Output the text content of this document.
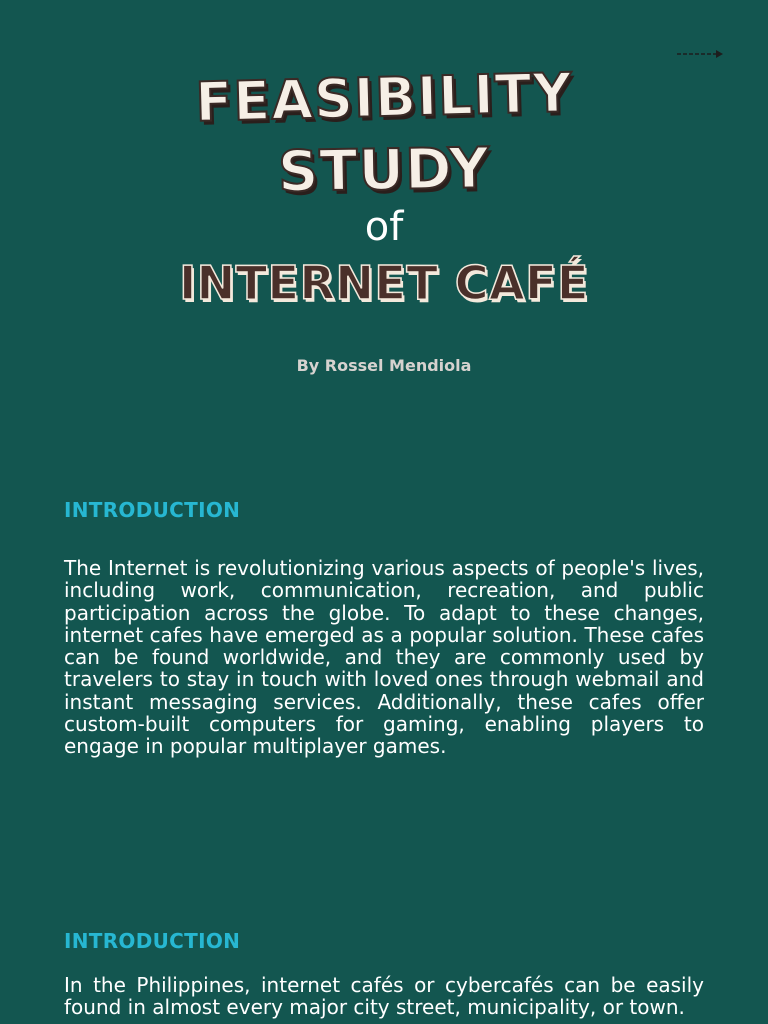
FEASIBILITY
STUDY
of
INTERNET CAFÉ
By Rossel Mendiola
INTRODUCTION

The Internet is revolutionizing various aspects of people's lives, including work, communication, recreation, and public participation across the globe. To adapt to these changes, internet cafes have emerged as a popular solution. These cafes can be found worldwide, and they are commonly used by travelers to stay in touch with loved ones through webmail and instant messaging services. Additionally, these cafes offer custom-built computers for gaming, enabling players to engage in popular multiplayer games.

INTRODUCTION

In the Philippines, internet cafés or cybercafés can be easily found in almost every major city street, municipality, or town.
